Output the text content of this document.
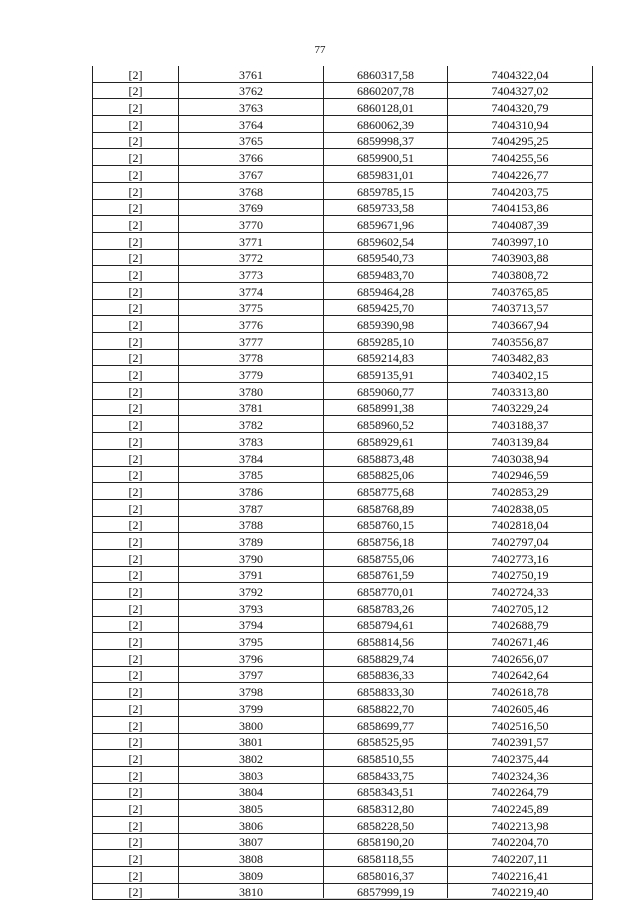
77
[2]	3761	6860317,58	7404322,04
[2]	3762	6860207,78	7404327,02
[2]	3763	6860128,01	7404320,79
[2]	3764	6860062,39	7404310,94
[2]	3765	6859998,37	7404295,25
[2]	3766	6859900,51	7404255,56
[2]	3767	6859831,01	7404226,77
[2]	3768	6859785,15	7404203,75
[2]	3769	6859733,58	7404153,86
[2]	3770	6859671,96	7404087,39
[2]	3771	6859602,54	7403997,10
[2]	3772	6859540,73	7403903,88
[2]	3773	6859483,70	7403808,72
[2]	3774	6859464,28	7403765,85
[2]	3775	6859425,70	7403713,57
[2]	3776	6859390,98	7403667,94
[2]	3777	6859285,10	7403556,87
[2]	3778	6859214,83	7403482,83
[2]	3779	6859135,91	7403402,15
[2]	3780	6859060,77	7403313,80
[2]	3781	6858991,38	7403229,24
[2]	3782	6858960,52	7403188,37
[2]	3783	6858929,61	7403139,84
[2]	3784	6858873,48	7403038,94
[2]	3785	6858825,06	7402946,59
[2]	3786	6858775,68	7402853,29
[2]	3787	6858768,89	7402838,05
[2]	3788	6858760,15	7402818,04
[2]	3789	6858756,18	7402797,04
[2]	3790	6858755,06	7402773,16
[2]	3791	6858761,59	7402750,19
[2]	3792	6858770,01	7402724,33
[2]	3793	6858783,26	7402705,12
[2]	3794	6858794,61	7402688,79
[2]	3795	6858814,56	7402671,46
[2]	3796	6858829,74	7402656,07
[2]	3797	6858836,33	7402642,64
[2]	3798	6858833,30	7402618,78
[2]	3799	6858822,70	7402605,46
[2]	3800	6858699,77	7402516,50
[2]	3801	6858525,95	7402391,57
[2]	3802	6858510,55	7402375,44
[2]	3803	6858433,75	7402324,36
[2]	3804	6858343,51	7402264,79
[2]	3805	6858312,80	7402245,89
[2]	3806	6858228,50	7402213,98
[2]	3807	6858190,20	7402204,70
[2]	3808	6858118,55	7402207,11
[2]	3809	6858016,37	7402216,41
[2]	3810	6857999,19	7402219,40
